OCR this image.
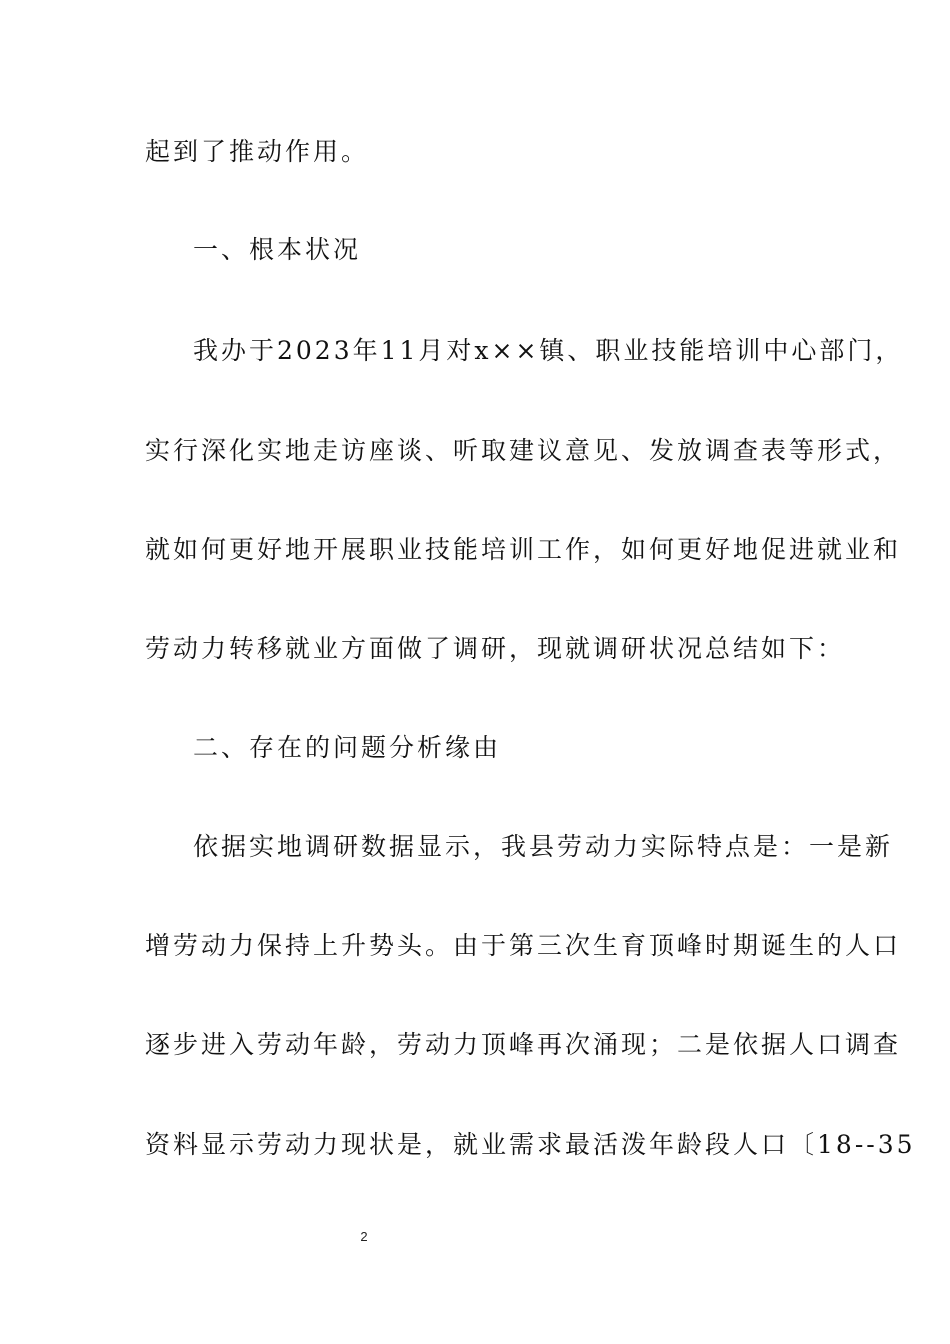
起到了推动作用。
一、根本状况
我办于2023年11月对x××镇、职业技能培训中心部门，
实行深化实地走访座谈、听取建议意见、发放调查表等形式，
就如何更好地开展职业技能培训工作，如何更好地促进就业和
劳动力转移就业方面做了调研，现就调研状况总结如下：
二、存在的问题分析缘由
依据实地调研数据显示，我县劳动力实际特点是：一是新
增劳动力保持上升势头。由于第三次生育顶峰时期诞生的人口
逐步进入劳动年龄，劳动力顶峰再次涌现；二是依据人口调查
资料显示劳动力现状是，就业需求最活泼年龄段人口〔18--35
2
